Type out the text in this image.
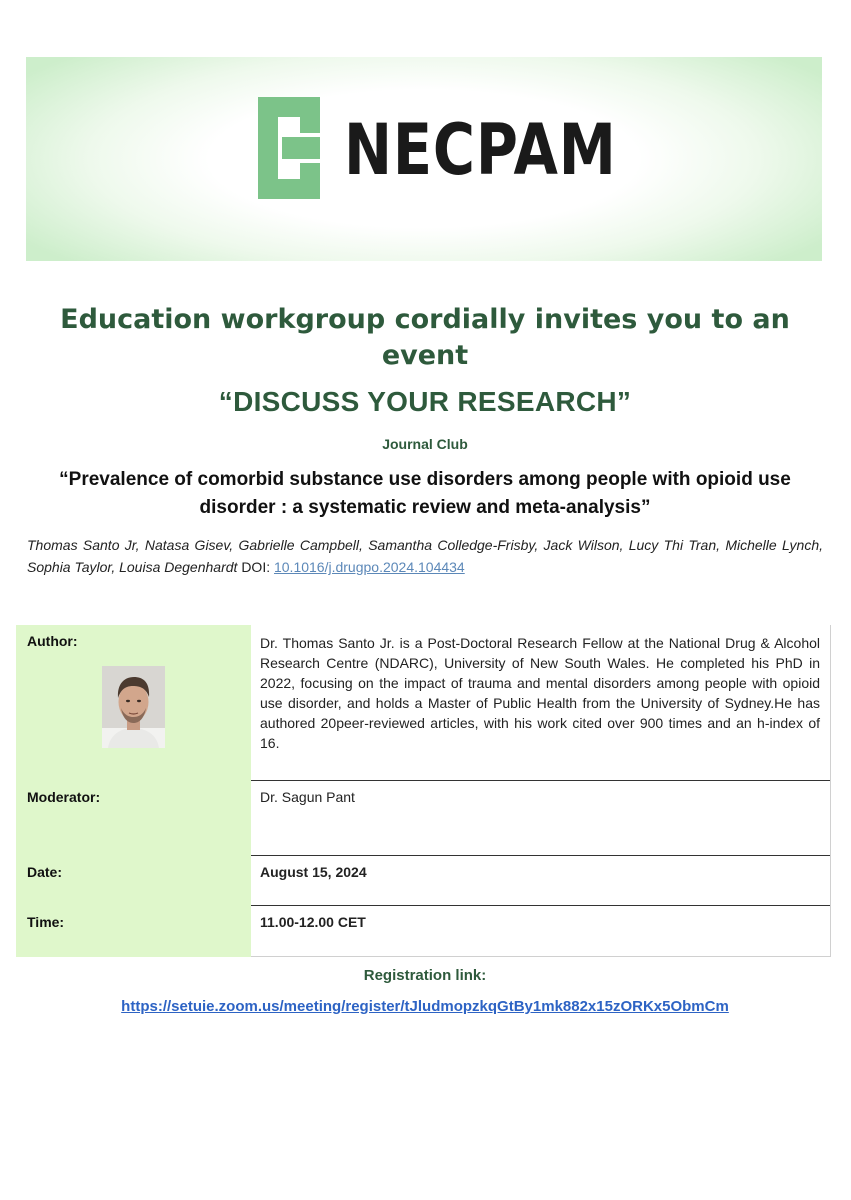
NECPAM
Education workgroup cordially invites you to an event
“DISCUSS YOUR RESEARCH”
Journal Club
“Prevalence of comorbid substance use disorders among people with opioid use disorder : a systematic review and meta-analysis”
Thomas Santo Jr, Natasa Gisev, Gabrielle Campbell, Samantha Colledge-Frisby, Jack Wilson, Lucy Thi Tran, Michelle Lynch, Sophia Taylor, Louisa Degenhardt DOI: 10.1016/j.drugpo.2024.104434
Author:	Dr. Thomas Santo Jr. is a Post-Doctoral Research Fellow at the National Drug & Alcohol Research Centre (NDARC), University of New South Wales. He completed his PhD in 2022, focusing on the impact of trauma and mental disorders among people with opioid use disorder, and holds a Master of Public Health from the University of Sydney.He has authored 20peer-reviewed articles, with his work cited over 900 times and an h-index of 16.

Moderator:	Dr. Sagun Pant
Date:	August 15, 2024
Time:	11.00-12.00 CET
Registration link:
https://setuie.zoom.us/meeting/register/tJludmopzkqGtBy1mk882x15zORKx5ObmCm
